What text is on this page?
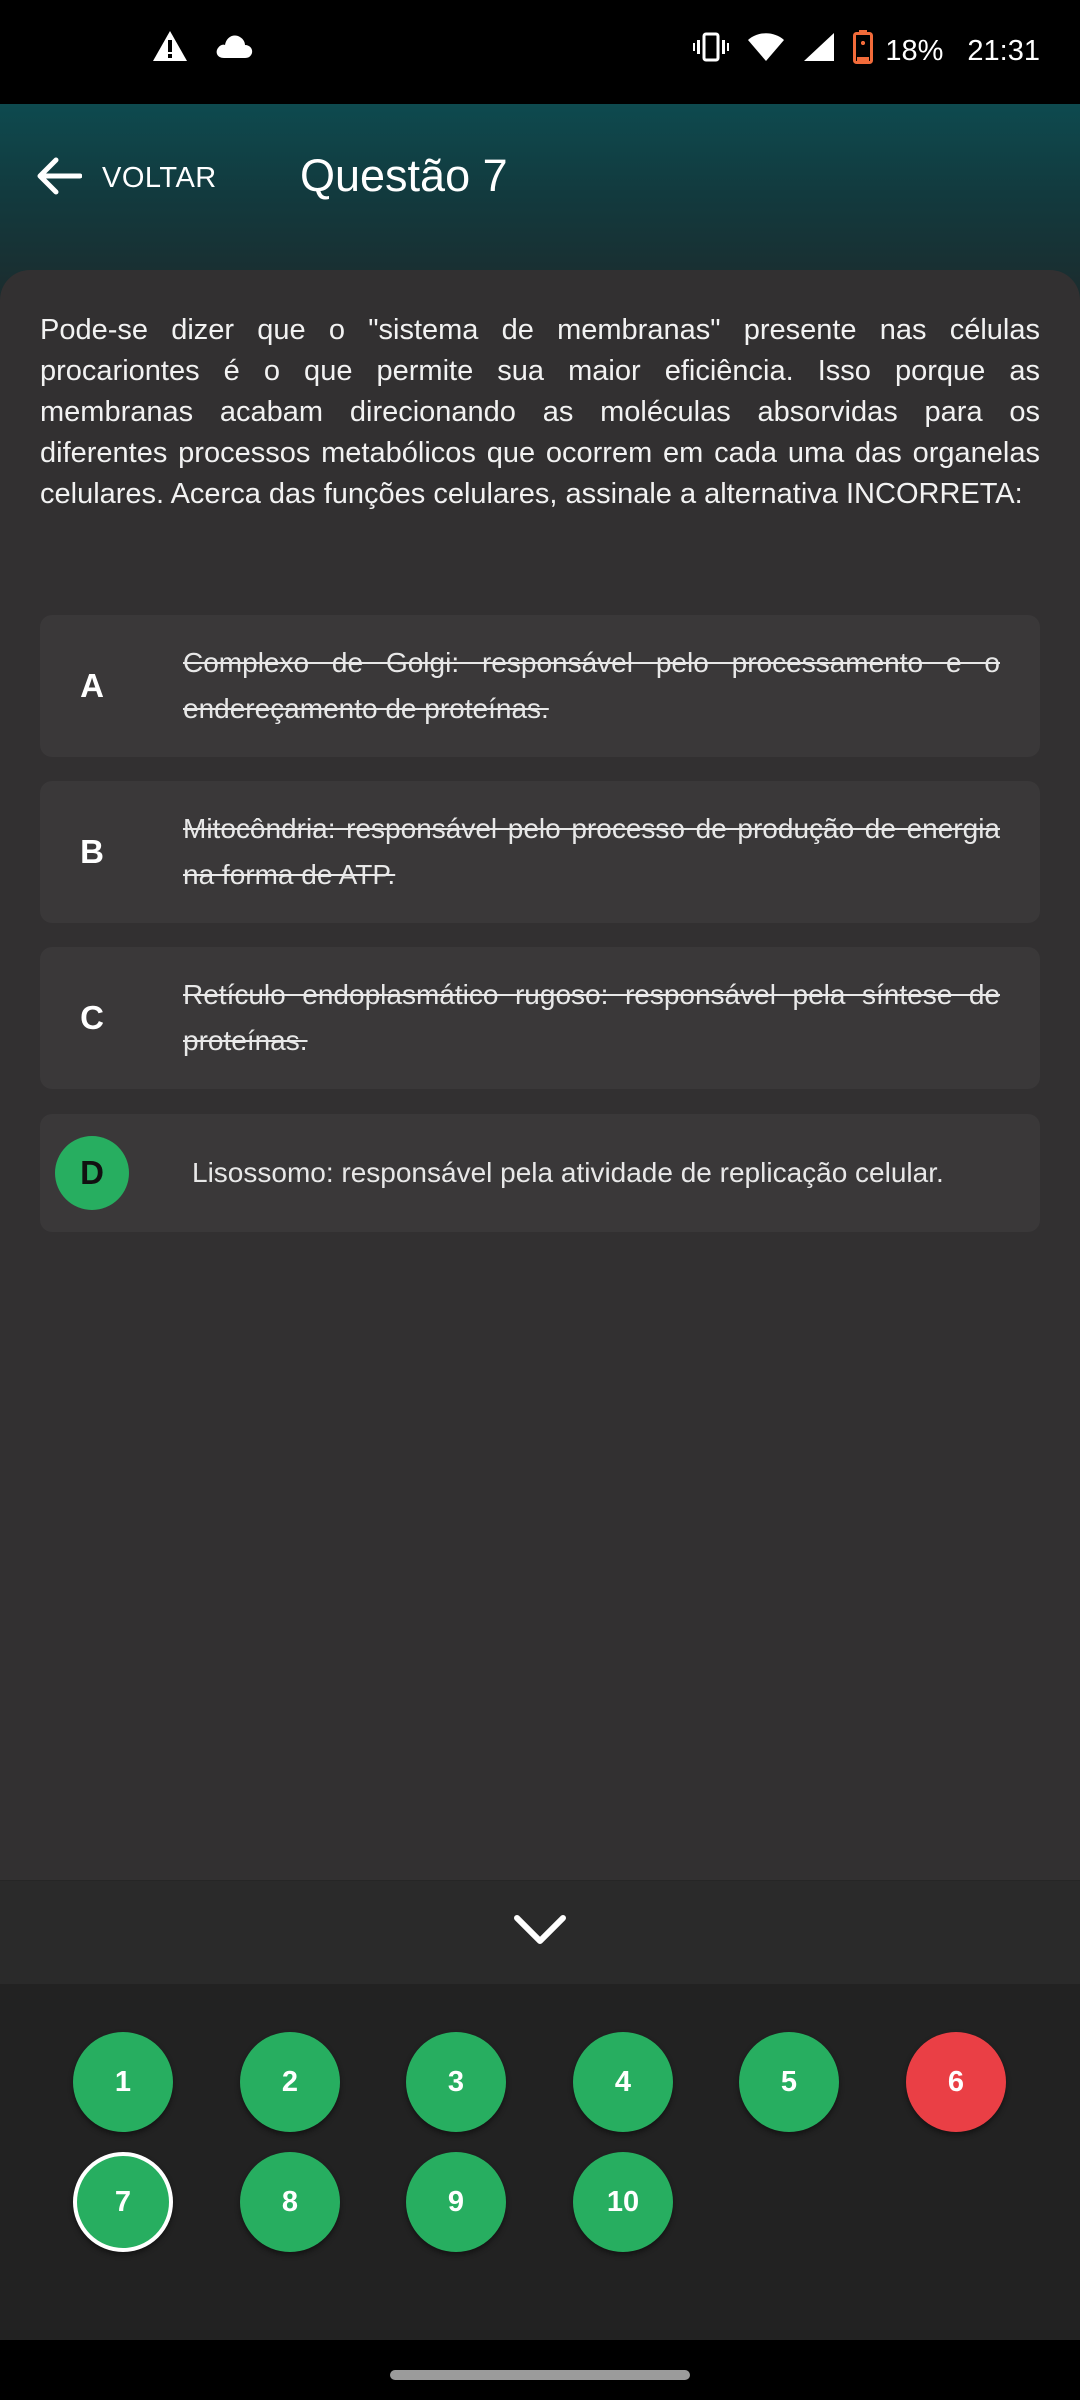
18% 21:31
VOLTAR Questão 7

Pode-se dizer que o "sistema de membranas" presente nas células procariontes é o que permite sua maior eficiência. Isso porque as membranas acabam direcionando as moléculas absorvidas para os diferentes processos metabólicos que ocorrem em cada uma das organelas celulares. Acerca das funções celulares, assinale a alternativa INCORRETA:

A
Complexo de Golgi: responsável pelo processamento e o endereçamento de proteínas.
B
Mitocôndria: responsável pelo processo de produção de energia na forma de ATP.
C
Retículo endoplasmático rugoso: responsável pela síntese de proteínas.
D	Lisossomo: responsável pela atividade de replicação celular.
1	2	3	4	5	6
7	8	9	10
